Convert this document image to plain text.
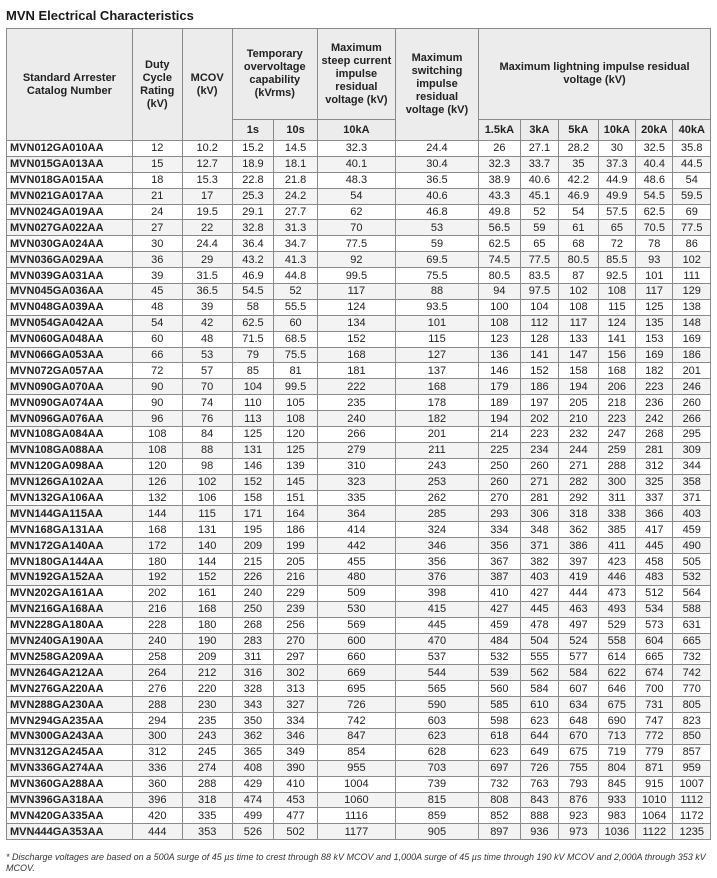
MVN Electrical Characteristics
Standard Arrester Catalog Number	Duty Cycle Rating (kV)	MCOV (kV)	Temporary overvoltage capability (kVrms)		Maximum steep current impulse residual voltage (kV)	Maximum switching impulse residual voltage (kV)	Maximum lightning impulse residual voltage (kV)					
			1s	10s	10kA		1.5kA	3kA	5kA	10kA	20kA	40kA
MVN012GA010AA	12	10.2	15.2	14.5	32.3	24.4	26	27.1	28.2	30	32.5	35.8
MVN015GA013AA	15	12.7	18.9	18.1	40.1	30.4	32.3	33.7	35	37.3	40.4	44.5
MVN018GA015AA	18	15.3	22.8	21.8	48.3	36.5	38.9	40.6	42.2	44.9	48.6	54
MVN021GA017AA	21	17	25.3	24.2	54	40.6	43.3	45.1	46.9	49.9	54.5	59.5
MVN024GA019AA	24	19.5	29.1	27.7	62	46.8	49.8	52	54	57.5	62.5	69
MVN027GA022AA	27	22	32.8	31.3	70	53	56.5	59	61	65	70.5	77.5
MVN030GA024AA	30	24.4	36.4	34.7	77.5	59	62.5	65	68	72	78	86
MVN036GA029AA	36	29	43.2	41.3	92	69.5	74.5	77.5	80.5	85.5	93	102
MVN039GA031AA	39	31.5	46.9	44.8	99.5	75.5	80.5	83.5	87	92.5	101	111
MVN045GA036AA	45	36.5	54.5	52	117	88	94	97.5	102	108	117	129
MVN048GA039AA	48	39	58	55.5	124	93.5	100	104	108	115	125	138
MVN054GA042AA	54	42	62.5	60	134	101	108	112	117	124	135	148
MVN060GA048AA	60	48	71.5	68.5	152	115	123	128	133	141	153	169
MVN066GA053AA	66	53	79	75.5	168	127	136	141	147	156	169	186
MVN072GA057AA	72	57	85	81	181	137	146	152	158	168	182	201
MVN090GA070AA	90	70	104	99.5	222	168	179	186	194	206	223	246
MVN090GA074AA	90	74	110	105	235	178	189	197	205	218	236	260
MVN096GA076AA	96	76	113	108	240	182	194	202	210	223	242	266
MVN108GA084AA	108	84	125	120	266	201	214	223	232	247	268	295
MVN108GA088AA	108	88	131	125	279	211	225	234	244	259	281	309
MVN120GA098AA	120	98	146	139	310	243	250	260	271	288	312	344
MVN126GA102AA	126	102	152	145	323	253	260	271	282	300	325	358
MVN132GA106AA	132	106	158	151	335	262	270	281	292	311	337	371
MVN144GA115AA	144	115	171	164	364	285	293	306	318	338	366	403
MVN168GA131AA	168	131	195	186	414	324	334	348	362	385	417	459
MVN172GA140AA	172	140	209	199	442	346	356	371	386	411	445	490
MVN180GA144AA	180	144	215	205	455	356	367	382	397	423	458	505
MVN192GA152AA	192	152	226	216	480	376	387	403	419	446	483	532
MVN202GA161AA	202	161	240	229	509	398	410	427	444	473	512	564
MVN216GA168AA	216	168	250	239	530	415	427	445	463	493	534	588
MVN228GA180AA	228	180	268	256	569	445	459	478	497	529	573	631
MVN240GA190AA	240	190	283	270	600	470	484	504	524	558	604	665
MVN258GA209AA	258	209	311	297	660	537	532	555	577	614	665	732
MVN264GA212AA	264	212	316	302	669	544	539	562	584	622	674	742
MVN276GA220AA	276	220	328	313	695	565	560	584	607	646	700	770
MVN288GA230AA	288	230	343	327	726	590	585	610	634	675	731	805
MVN294GA235AA	294	235	350	334	742	603	598	623	648	690	747	823
MVN300GA243AA	300	243	362	346	847	623	618	644	670	713	772	850
MVN312GA245AA	312	245	365	349	854	628	623	649	675	719	779	857
MVN336GA274AA	336	274	408	390	955	703	697	726	755	804	871	959
MVN360GA288AA	360	288	429	410	1004	739	732	763	793	845	915	1007
MVN396GA318AA	396	318	474	453	1060	815	808	843	876	933	1010	1112
MVN420GA335AA	420	335	499	477	1116	859	852	888	923	983	1064	1172
MVN444GA353AA	444	353	526	502	1177	905	897	936	973	1036	1122	1235
* Discharge voltages are based on a 500A surge of 45 µs time to crest through 88 kV MCOV and 1,000A surge of 45 µs time through 190 kV MCOV and 2,000A through 353 kV MCOV.
